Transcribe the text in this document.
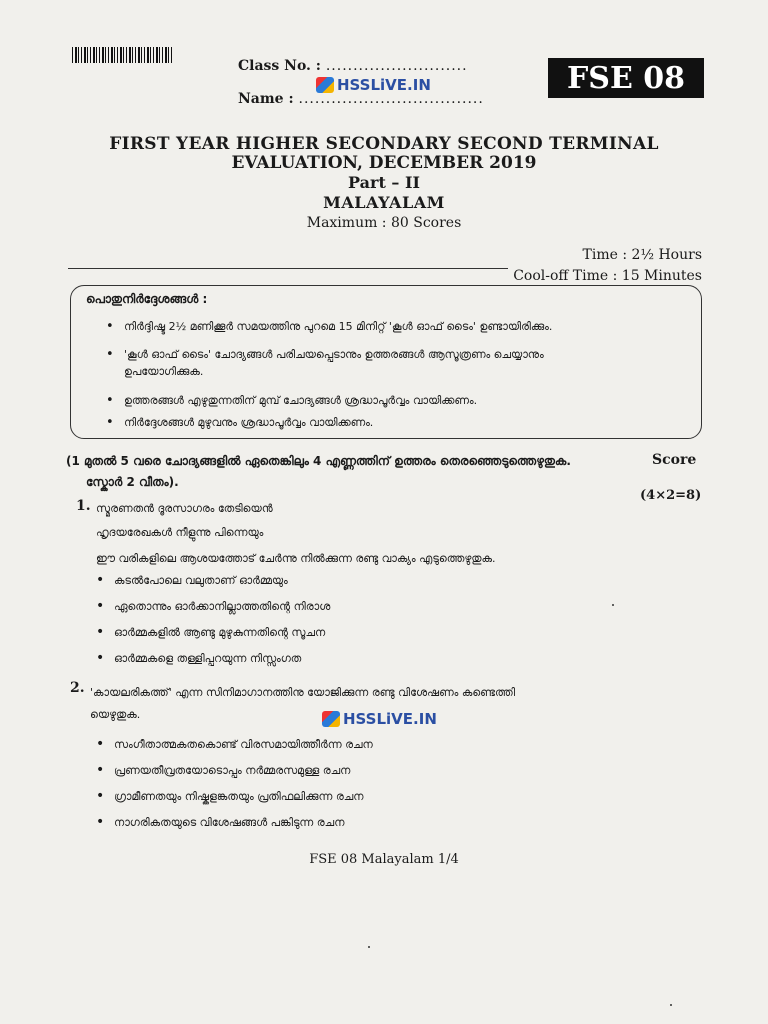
Class No. : ..........................
HSSLiVE.IN
Name : ..................................
FSE 08
FIRST YEAR HIGHER SECONDARY SECOND TERMINAL
EVALUATION, DECEMBER 2019
Part – II
MALAYALAM
Maximum : 80 Scores
Time : 2½ Hours
Cool-off Time : 15 Minutes
പൊതുനിർദ്ദേശങ്ങൾ :
• നിർദ്ദിഷ്ട 2½ മണിക്കൂർ സമയത്തിനു പുറമെ 15 മിനിറ്റ് 'കൂൾ ഓഫ് ടൈം' ഉണ്ടായിരിക്കും.
• 'കൂൾ ഓഫ് ടൈം' ചോദ്യങ്ങൾ പരിചയപ്പെടാനും ഉത്തരങ്ങൾ ആസൂത്രണം ചെയ്യാനും
ഉപയോഗിക്കുക.
• ഉത്തരങ്ങൾ എഴുതുന്നതിന് മുമ്പ് ചോദ്യങ്ങൾ ശ്രദ്ധാപൂർവ്വം വായിക്കണം.
• നിർദ്ദേശങ്ങൾ മുഴുവനും ശ്രദ്ധാപൂർവ്വം വായിക്കണം.
(1 മുതൽ 5 വരെ ചോദ്യങ്ങളിൽ ഏതെങ്കിലും 4 എണ്ണത്തിന് ഉത്തരം തെരഞ്ഞെടുത്തെഴുതുക.
സ്കോർ 2 വീതം).
Score
(4×2=8)
1. സ്മരണതൻ ദൂരസാഗരം തേടിയെൻ
ഹൃദയരേഖകൾ നീളുന്നു പിന്നെയും
ഈ വരികളിലെ ആശയത്തോട് ചേർന്നു നിൽക്കുന്ന രണ്ടു വാക്യം എടുത്തെഴുതുക.
• കടൽപോലെ വലുതാണ് ഓർമ്മയും
• ഏതൊന്നും ഓർക്കാനില്ലാത്തതിന്റെ നിരാശ
• ഓർമ്മകളിൽ ആണ്ടു മുഴുകുന്നതിന്റെ സൂചന
• ഓർമ്മകളെ തള്ളിപ്പറയുന്ന നിസ്സംഗത
2. 'കായലരികത്ത്' എന്ന സിനിമാഗാനത്തിനു യോജിക്കുന്ന രണ്ടു വിശേഷണം കണ്ടെത്തി
യെഴുതുക.	HSSLiVE.IN
• സംഗീതാത്മകതകൊണ്ട് വിരസമായിത്തീർന്ന രചന
• പ്രണയതീവ്രതയോടൊപ്പം നർമ്മരസമുള്ള രചന
• ഗ്രാമീണതയും നിഷ്കളങ്കതയും പ്രതിഫലിക്കുന്ന രചന
• നാഗരികതയുടെ വിശേഷങ്ങൾ പങ്കിടുന്ന രചന
FSE 08 Malayalam 1/4
